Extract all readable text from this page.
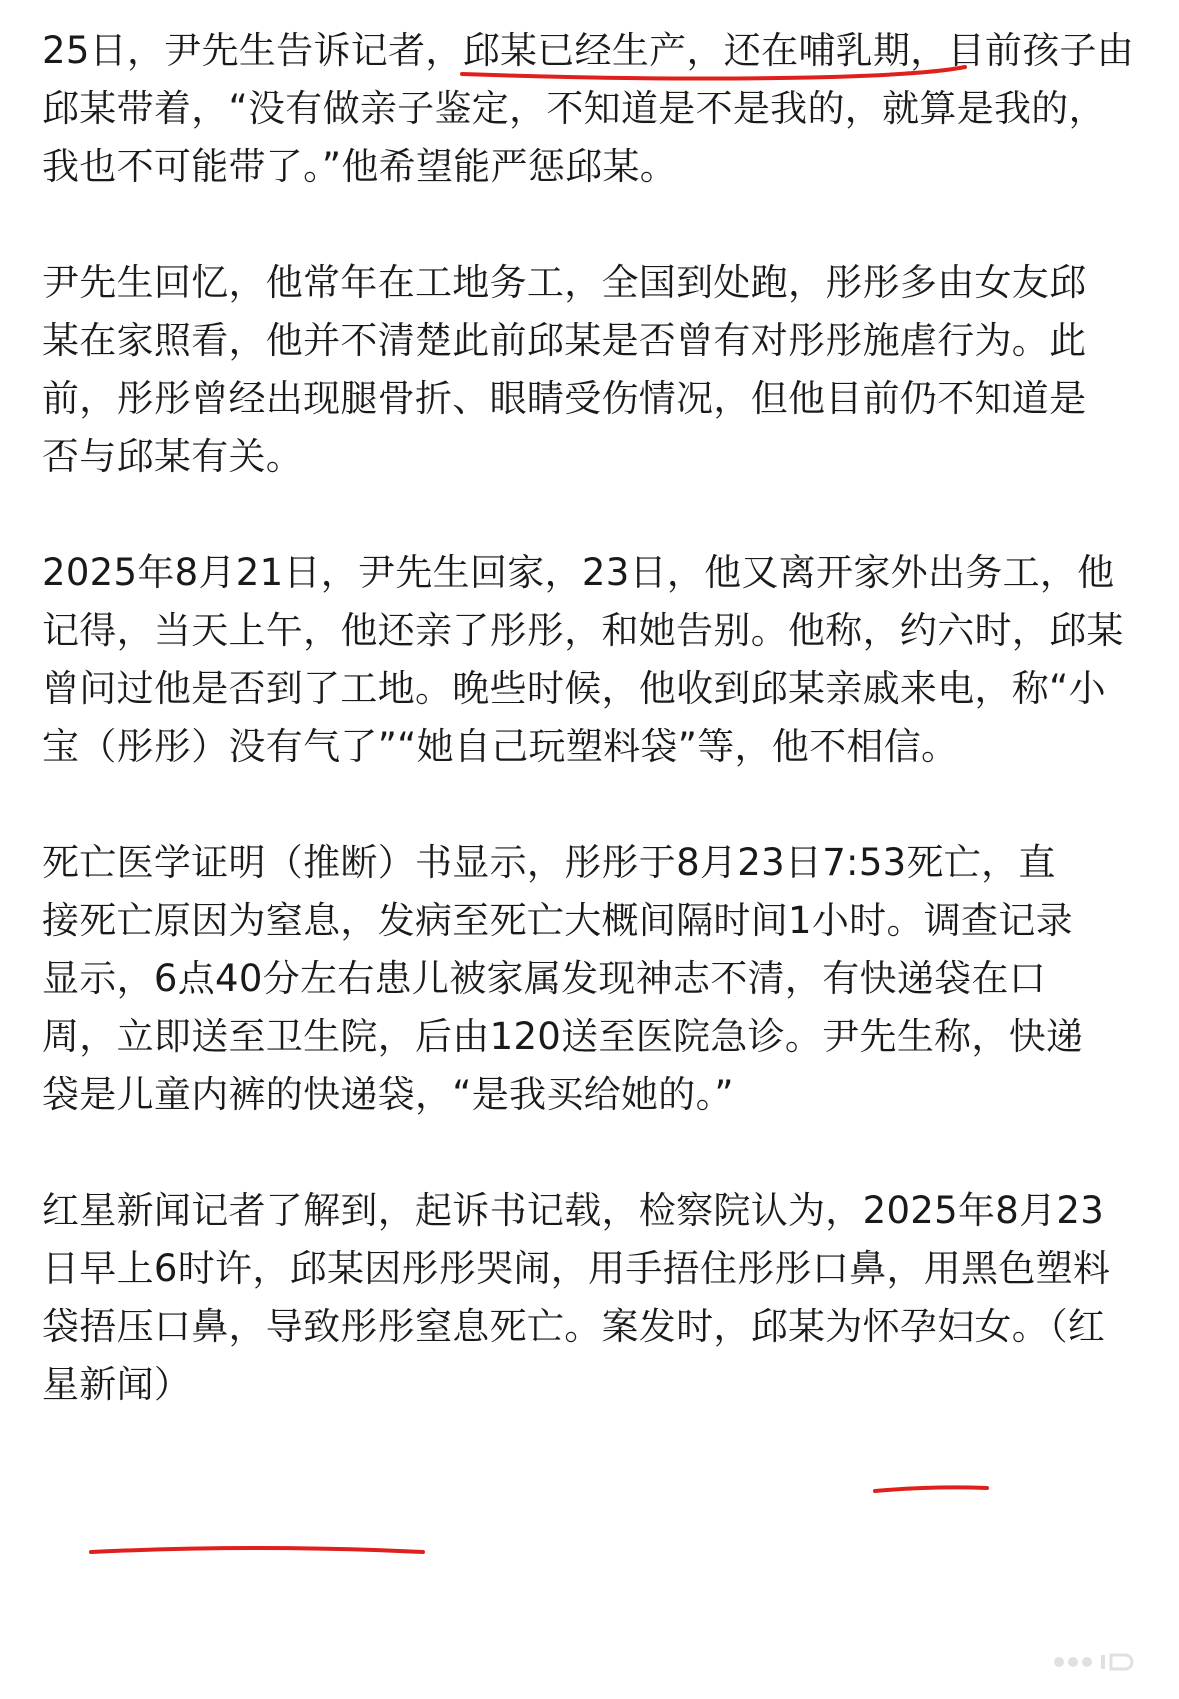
25日，尹先生告诉记者，邱某已经生产，还在哺乳期，
目前孩子由邱某带着，“没有做亲子鉴定，不知道是不是我的，就算是我的，我也不可能带了。”他希望能严惩邱某。

尹先生回忆，他常年在工地务工，全国到处跑，彤彤多由女友邱某在家照看，他并不清楚此前邱某是否曾有对彤彤施虐行为。此前，彤彤曾经出现腿骨折、眼睛受伤情况，但他目前仍不知道是否与邱某有关。

2025年8月21日，尹先生回家，23日，他又离开家外出务工，他记得，当天上午，他还亲了彤彤，和她告别。他称，约六时，邱某曾问过他是否到了工地。晚些时候，他收到邱某亲戚来电，称“小宝（彤彤）没有气了”“她自己玩塑料袋”等，他不相信。

死亡医学证明（推断）书显示，彤彤于8月23日7:53死亡，直接死亡原因为窒息，发病至死亡大概间隔时间1小时。调查记录显示，6点40分左右患儿被家属发现神志不清，有快递袋在口周，立即送至卫生院，后由120送至医院急诊。尹先生称，快递袋是儿童内裤的快递袋，“是我买给她的。”

红星新闻记者了解到，起诉书记载，检察院认为，2025年8月23日早上6时许，邱某因彤彤哭闹，用手捂住彤彤口鼻，用黑色塑料袋捂压口鼻，导致彤彤窒息死亡。案发时，邱某为怀孕妇女。（红星新闻）
